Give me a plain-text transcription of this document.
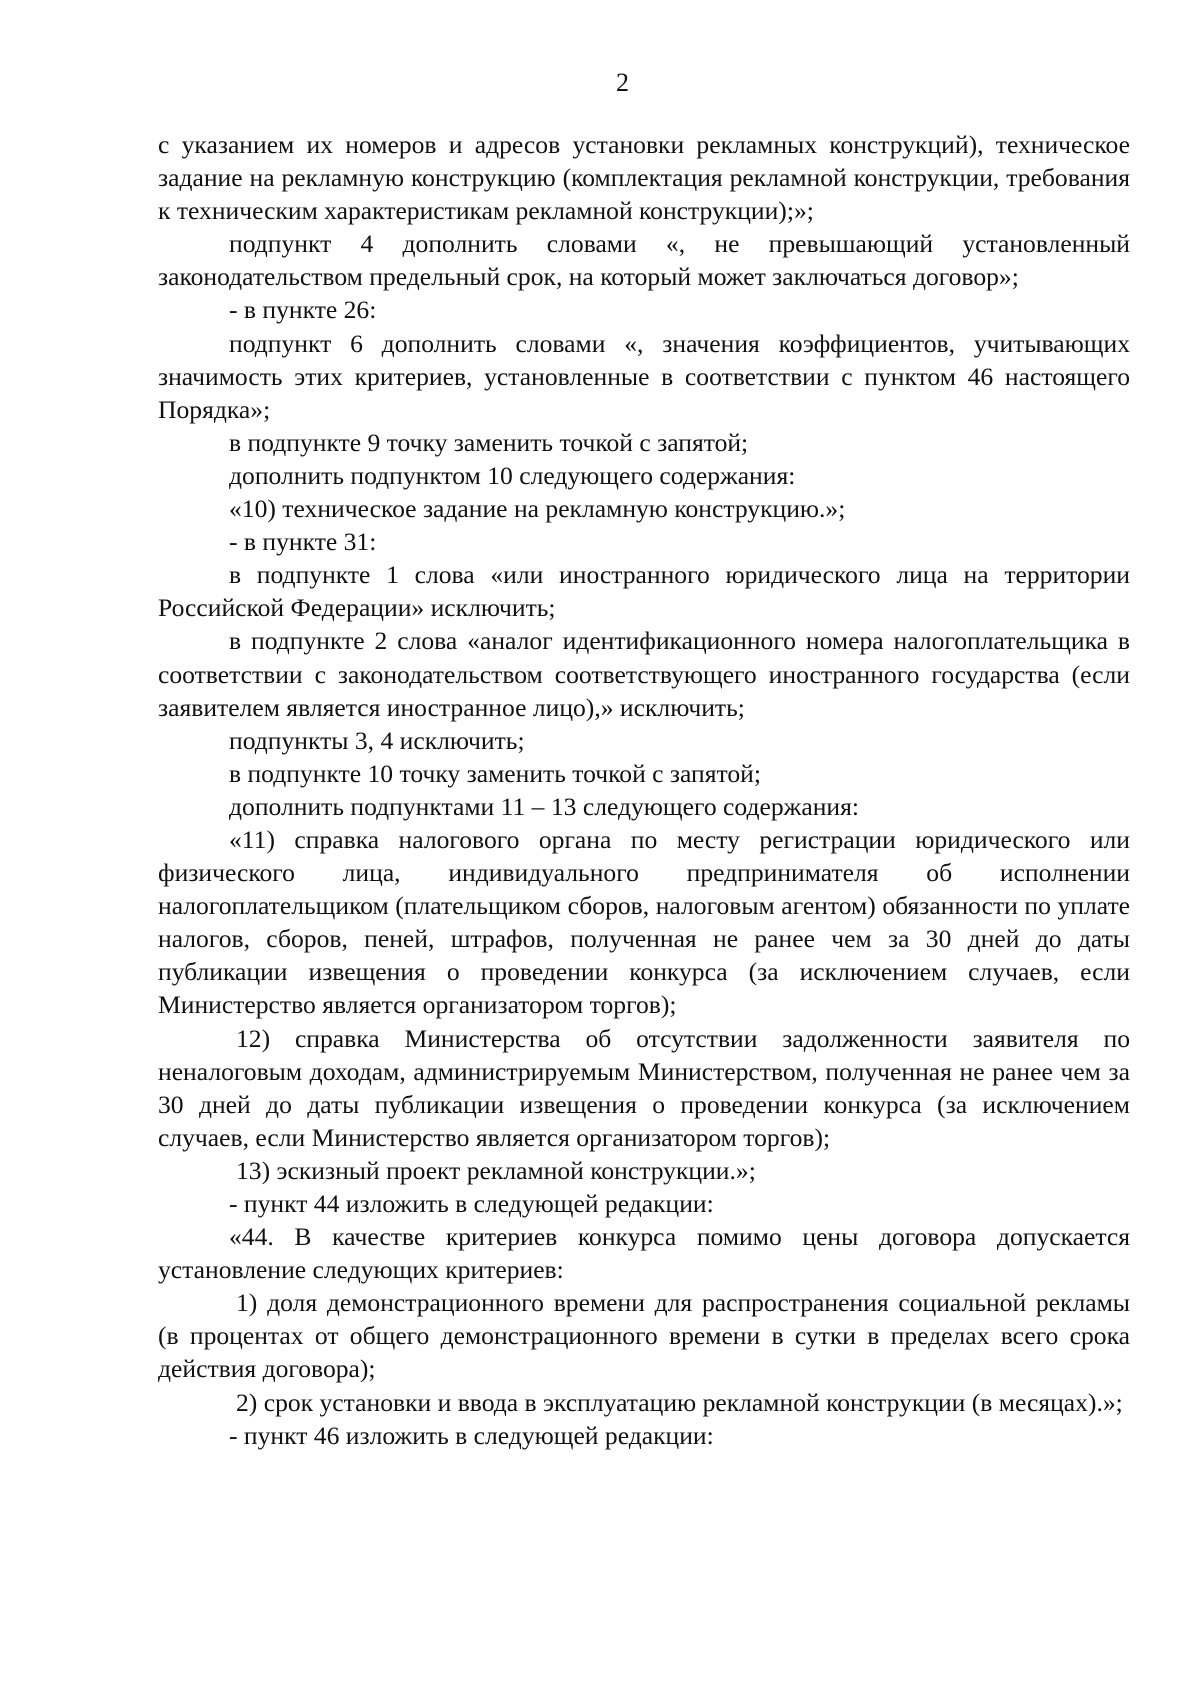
2

с указанием их номеров и адресов установки рекламных конструкций), техническое задание на рекламную конструкцию (комплектация рекламной конструкции, требования к техническим характеристикам рекламной конструкции);»;

подпункт 4 дополнить словами «, не превышающий установленный законодательством предельный срок, на который может заключаться договор»;

- в пункте 26:

подпункт 6 дополнить словами «, значения коэффициентов, учитывающих значимость этих критериев, установленные в соответствии с пунктом 46 настоящего Порядка»;

в подпункте 9 точку заменить точкой с запятой;

дополнить подпунктом 10 следующего содержания:

«10) техническое задание на рекламную конструкцию.»;

- в пункте 31:

в подпункте 1 слова «или иностранного юридического лица на территории Российской Федерации» исключить;

в подпункте 2 слова «аналог идентификационного номера налогоплательщика в соответствии с законодательством соответствующего иностранного государства (если заявителем является иностранное лицо),» исключить;

подпункты 3, 4 исключить;

в подпункте 10 точку заменить точкой с запятой;

дополнить подпунктами 11 – 13 следующего содержания:

«11) справка налогового органа по месту регистрации юридического или физического лица, индивидуального предпринимателя об исполнении налогоплательщиком (плательщиком сборов, налоговым агентом) обязанности по уплате налогов, сборов, пеней, штрафов, полученная не ранее чем за 30 дней до даты публикации извещения о проведении конкурса (за исключением случаев, если Министерство является организатором торгов);

12) справка Министерства об отсутствии задолженности заявителя по неналоговым доходам, администрируемым Министерством, полученная не ранее чем за 30 дней до даты публикации извещения о проведении конкурса (за исключением случаев, если Министерство является организатором торгов);

13) эскизный проект рекламной конструкции.»;

- пункт 44 изложить в следующей редакции:

«44. В качестве критериев конкурса помимо цены договора допускается установление следующих критериев:

1) доля демонстрационного времени для распространения социальной рекламы (в процентах от общего демонстрационного времени в сутки в пределах всего срока действия договора);

2) срок установки и ввода в эксплуатацию рекламной конструкции (в месяцах).»;

- пункт 46 изложить в следующей редакции:
